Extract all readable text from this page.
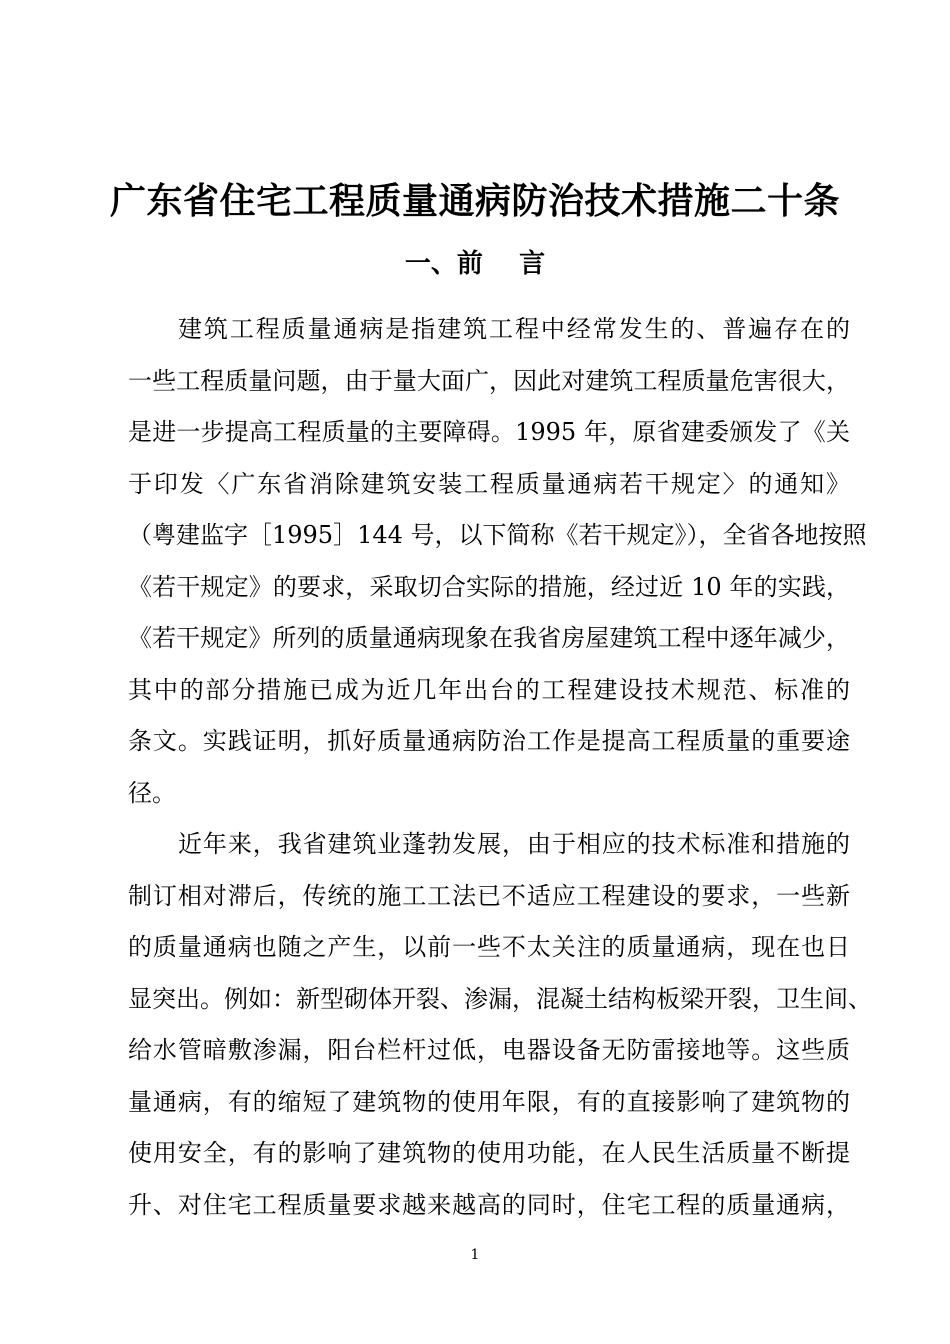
广东省住宅工程质量通病防治技术措施二十条
一、前    言
建筑工程质量通病是指建筑工程中经常发生的、普遍存在的
一些工程质量问题，由于量大面广，因此对建筑工程质量危害很大，
是进一步提高工程质量的主要障碍。1995 年，原省建委颁发了《关
于印发〈广东省消除建筑安装工程质量通病若干规定〉的通知》
（粤建监字［1995］144 号，以下简称《若干规定》），全省各地按照
《若干规定》的要求，采取切合实际的措施，经过近 10 年的实践，
《若干规定》所列的质量通病现象在我省房屋建筑工程中逐年减少，
其中的部分措施已成为近几年出台的工程建设技术规范、标准的
条文。实践证明，抓好质量通病防治工作是提高工程质量的重要途
径。
近年来，我省建筑业蓬勃发展，由于相应的技术标准和措施的
制订相对滞后，传统的施工工法已不适应工程建设的要求，一些新
的质量通病也随之产生，以前一些不太关注的质量通病，现在也日
显突出。例如：新型砌体开裂、渗漏，混凝土结构板梁开裂，卫生间、
给水管暗敷渗漏，阳台栏杆过低，电器设备无防雷接地等。这些质
量通病，有的缩短了建筑物的使用年限，有的直接影响了建筑物的
使用安全，有的影响了建筑物的使用功能，在人民生活质量不断提
升、对住宅工程质量要求越来越高的同时，住宅工程的质量通病，
1
